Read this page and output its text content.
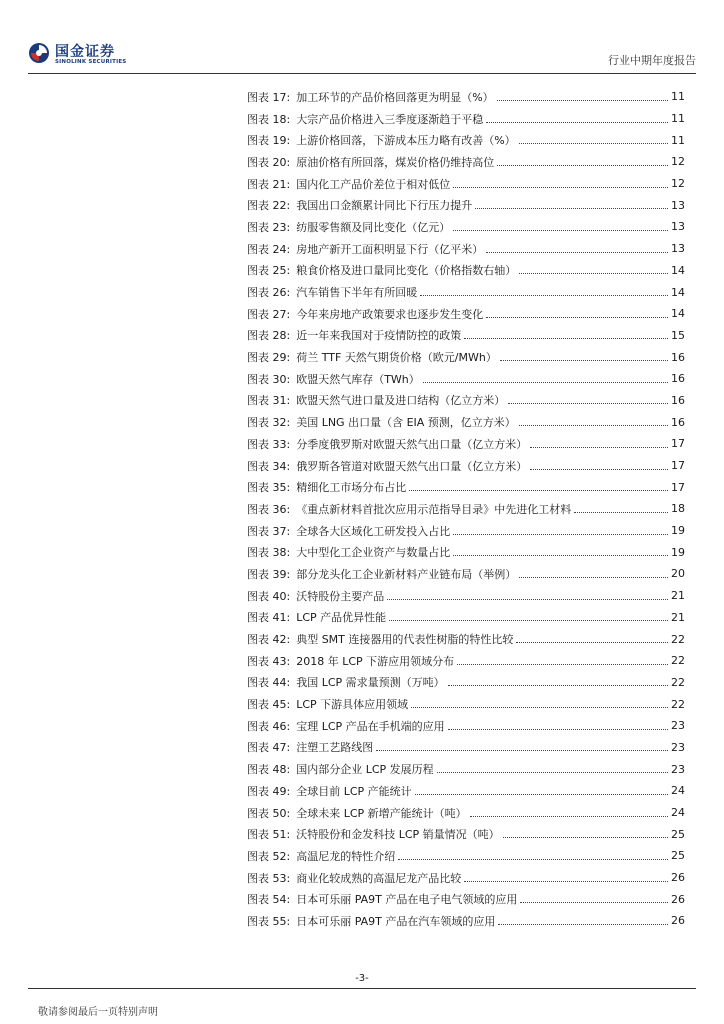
国金证券
SINOLINK SECURITIES	行业中期年度报告
图表 17: 加工环节的产品价格回落更为明显（%）	11
图表 18: 大宗产品价格进入三季度逐渐趋于平稳	11
图表 19: 上游价格回落，下游成本压力略有改善（%）	11
图表 20: 原油价格有所回落，煤炭价格仍维持高位	12
图表 21: 国内化工产品价差位于相对低位	12
图表 22: 我国出口金额累计同比下行压力提升	13
图表 23: 纺服零售额及同比变化（亿元）	13
图表 24: 房地产新开工面积明显下行（亿平米）	13
图表 25: 粮食价格及进口量同比变化（价格指数右轴）	14
图表 26: 汽车销售下半年有所回暖	14
图表 27: 今年来房地产政策要求也逐步发生变化	14
图表 28: 近一年来我国对于疫情防控的政策	15
图表 29: 荷兰 TTF 天然气期货价格（欧元/MWh）	16
图表 30: 欧盟天然气库存（TWh）	16
图表 31: 欧盟天然气进口量及进口结构（亿立方米）	16
图表 32: 美国 LNG 出口量（含 EIA 预测，亿立方米）	16
图表 33: 分季度俄罗斯对欧盟天然气出口量（亿立方米）	17
图表 34: 俄罗斯各管道对欧盟天然气出口量（亿立方米）	17
图表 35: 精细化工市场分布占比	17
图表 36: 《重点新材料首批次应用示范指导目录》中先进化工材料	18
图表 37: 全球各大区域化工研发投入占比	19
图表 38: 大中型化工企业资产与数量占比	19
图表 39: 部分龙头化工企业新材料产业链布局（举例）	20
图表 40: 沃特股份主要产品	21
图表 41: LCP 产品优异性能	21
图表 42: 典型 SMT 连接器用的代表性树脂的特性比较	22
图表 43: 2018 年 LCP 下游应用领域分布	22
图表 44: 我国 LCP 需求量预测（万吨）	22
图表 45: LCP 下游具体应用领域	22
图表 46: 宝理 LCP 产品在手机端的应用	23
图表 47: 注塑工艺路线图	23
图表 48: 国内部分企业 LCP 发展历程	23
图表 49: 全球目前 LCP 产能统计	24
图表 50: 全球未来 LCP 新增产能统计（吨）	24
图表 51: 沃特股份和金发科技 LCP 销量情况（吨）	25
图表 52: 高温尼龙的特性介绍	25
图表 53: 商业化较成熟的高温尼龙产品比较	26
图表 54: 日本可乐丽 PA9T 产品在电子电气领域的应用	26
图表 55: 日本可乐丽 PA9T 产品在汽车领域的应用	26
-3-
敬请参阅最后一页特别声明
